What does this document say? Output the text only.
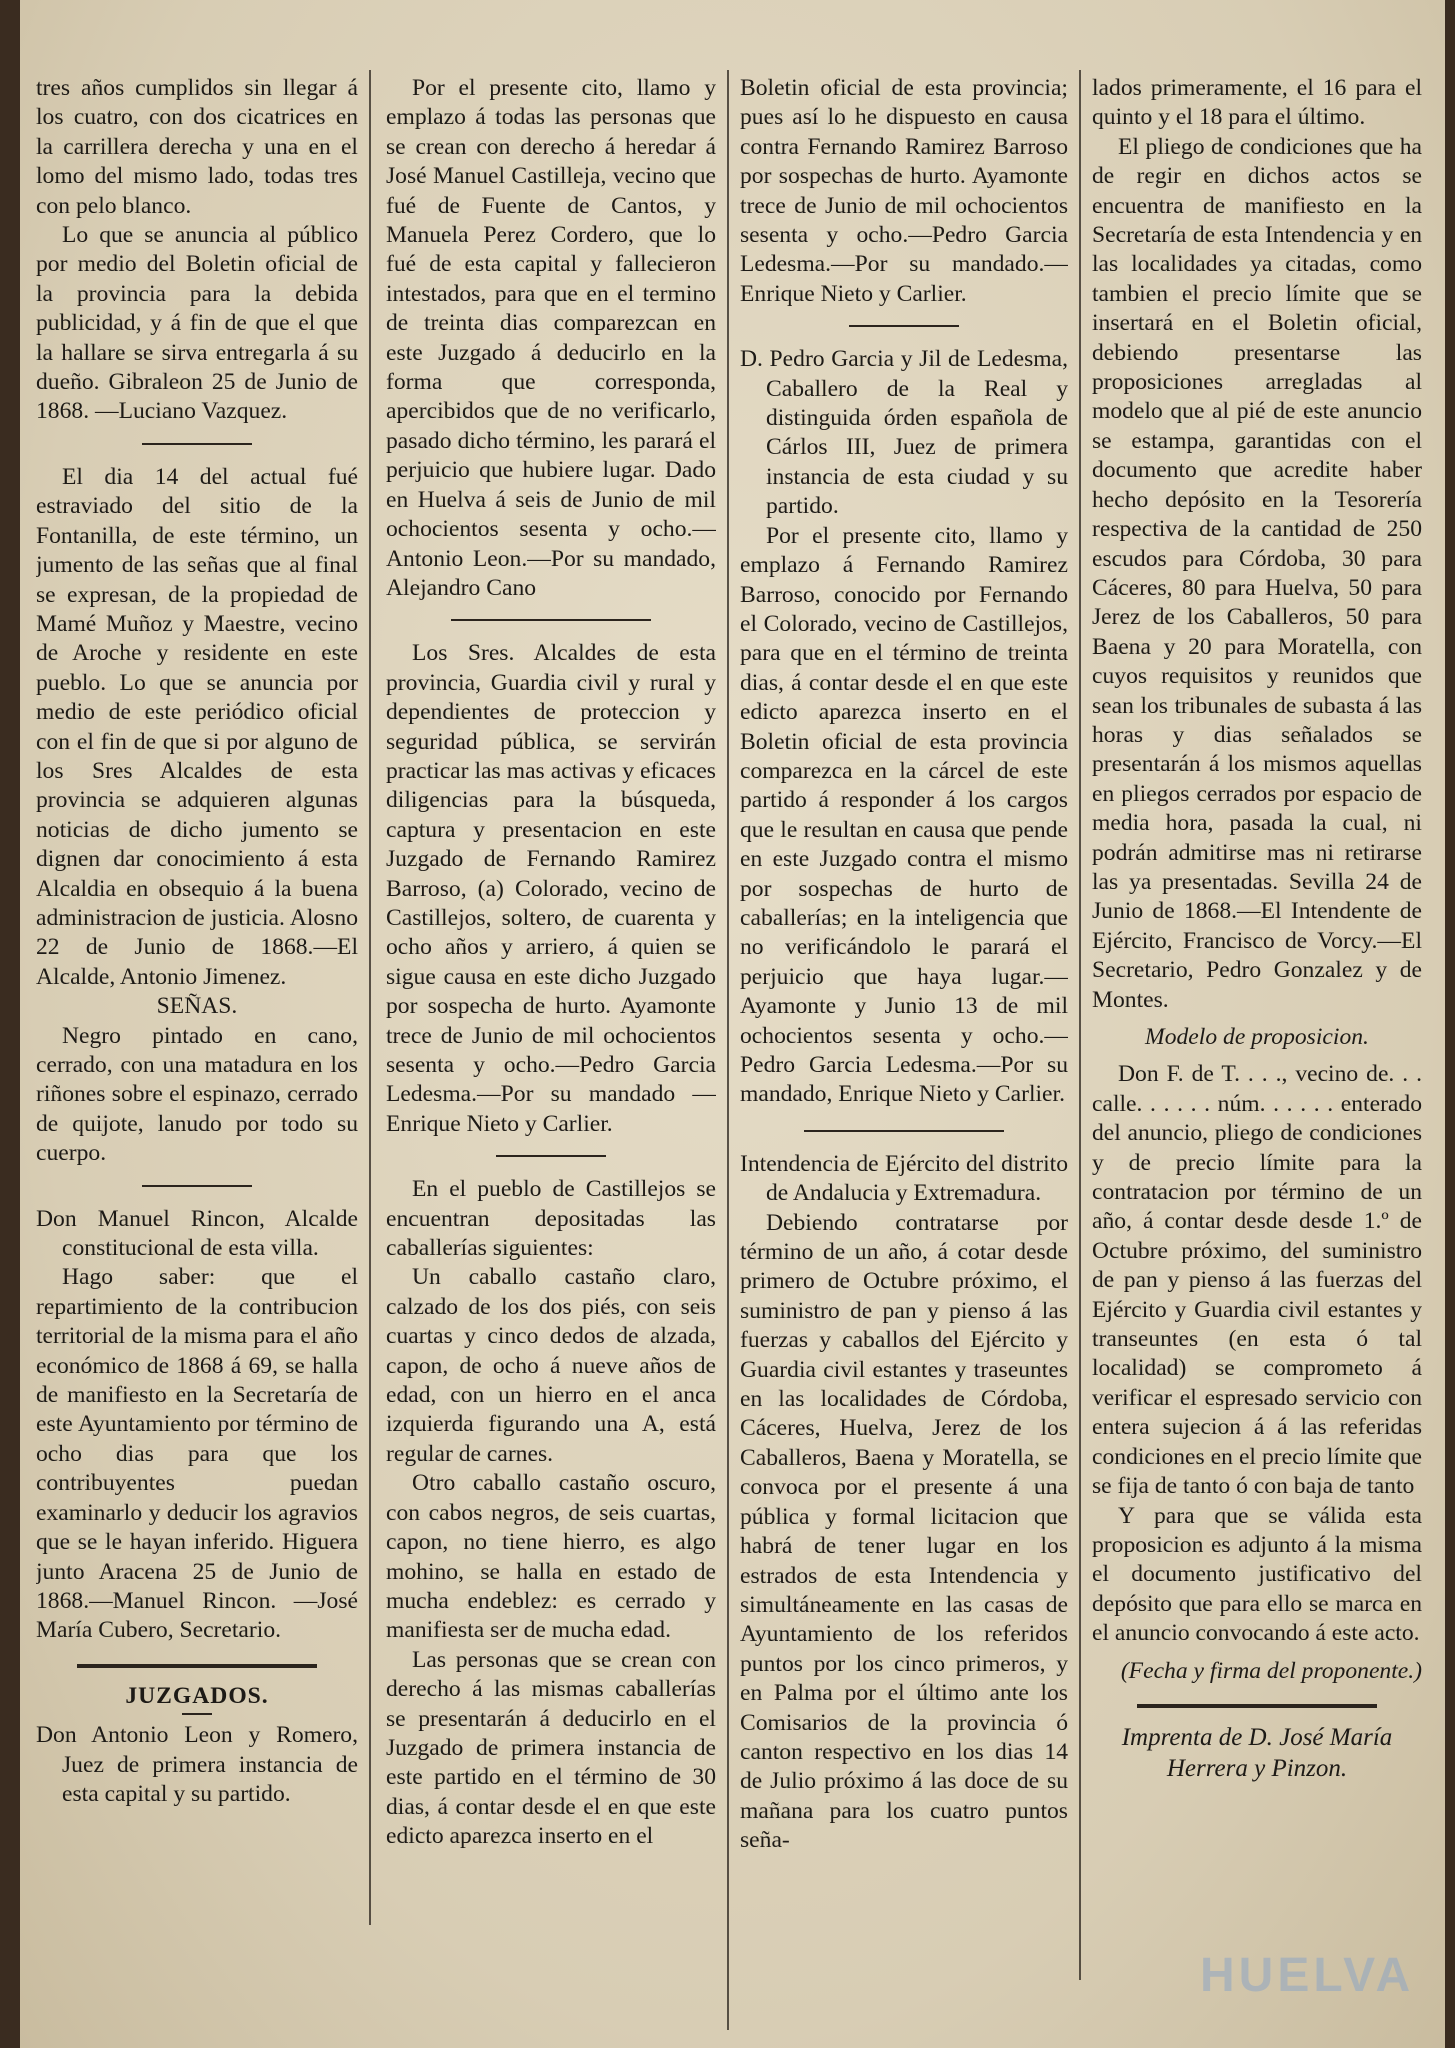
tres años cumplidos sin llegar á los cuatro, con dos cicatrices en la carrillera derecha y una en el lomo del mismo lado, todas tres con pelo blanco.

Lo que se anuncia al público por medio del Boletin oficial de la provincia para la debida publicidad, y á fin de que el que la hallare se sirva entregarla á su dueño. Gibraleon 25 de Junio de 1868. —Luciano Vazquez.

El dia 14 del actual fué estraviado del sitio de la Fontanilla, de este término, un jumento de las señas que al final se expresan, de la propiedad de Mamé Muñoz y Maestre, vecino de Aroche y residente en este pueblo. Lo que se anuncia por medio de este periódico oficial con el fin de que si por alguno de los Sres Alcaldes de esta provincia se adquieren algunas noticias de dicho jumento se dignen dar conocimiento á esta Alcaldia en obsequio á la buena administracion de justicia. Alosno 22 de Junio de 1868.—El Alcalde, Antonio Jimenez.

SEÑAS.

Negro pintado en cano, cerrado, con una matadura en los riñones sobre el espinazo, cerrado de quijote, lanudo por todo su cuerpo.

Don Manuel Rincon, Alcalde constitucional de esta villa.

Hago saber: que el repartimiento de la contribucion territorial de la misma para el año económico de 1868 á 69, se halla de manifiesto en la Secretaría de este Ayuntamiento por término de ocho dias para que los contribuyentes puedan examinarlo y deducir los agravios que se le hayan inferido. Higuera junto Aracena 25 de Junio de 1868.—Manuel Rincon. —José María Cubero, Secretario.

JUZGADOS.

Don Antonio Leon y Romero, Juez de primera instancia de esta capital y su partido.

Por el presente cito, llamo y emplazo á todas las personas que se crean con derecho á heredar á José Manuel Castilleja, vecino que fué de Fuente de Cantos, y Manuela Perez Cordero, que lo fué de esta capital y fallecieron intestados, para que en el termino de treinta dias comparezcan en este Juzgado á deducirlo en la forma que corresponda, apercibidos que de no verificarlo, pasado dicho término, les parará el perjuicio que hubiere lugar. Dado en Huelva á seis de Junio de mil ochocientos sesenta y ocho.—Antonio Leon.—Por su mandado, Alejandro Cano

Los Sres. Alcaldes de esta provincia, Guardia civil y rural y dependientes de proteccion y seguridad pública, se servirán practicar las mas activas y eficaces diligencias para la búsqueda, captura y presentacion en este Juzgado de Fernando Ramirez Barroso, (a) Colorado, vecino de Castillejos, soltero, de cuarenta y ocho años y arriero, á quien se sigue causa en este dicho Juzgado por sospecha de hurto. Ayamonte trece de Junio de mil ochocientos sesenta y ocho.—Pedro Garcia Ledesma.—Por su mandado —Enrique Nieto y Carlier.

En el pueblo de Castillejos se encuentran depositadas las caballerías siguientes:

Un caballo castaño claro, calzado de los dos piés, con seis cuartas y cinco dedos de alzada, capon, de ocho á nueve años de edad, con un hierro en el anca izquierda figurando una A, está regular de carnes.

Otro caballo castaño oscuro, con cabos negros, de seis cuartas, capon, no tiene hierro, es algo mohino, se halla en estado de mucha endeblez: es cerrado y manifiesta ser de mucha edad.

Las personas que se crean con derecho á las mismas caballerías se presentarán á deducirlo en el Juzgado de primera instancia de este partido en el término de 30 dias, á contar desde el en que este edicto aparezca inserto en el

Boletin oficial de esta provincia; pues así lo he dispuesto en causa contra Fernando Ramirez Barroso por sospechas de hurto. Ayamonte trece de Junio de mil ochocientos sesenta y ocho.—Pedro Garcia Ledesma.—Por su mandado.—Enrique Nieto y Carlier.

D. Pedro Garcia y Jil de Ledesma, Caballero de la Real y distinguida órden española de Cárlos III, Juez de primera instancia de esta ciudad y su partido.

Por el presente cito, llamo y emplazo á Fernando Ramirez Barroso, conocido por Fernando el Colorado, vecino de Castillejos, para que en el término de treinta dias, á contar desde el en que este edicto aparezca inserto en el Boletin oficial de esta provincia comparezca en la cárcel de este partido á responder á los cargos que le resultan en causa que pende en este Juzgado contra el mismo por sospechas de hurto de caballerías; en la inteligencia que no verificándolo le parará el perjuicio que haya lugar.—Ayamonte y Junio 13 de mil ochocientos sesenta y ocho.—Pedro Garcia Ledesma.—Por su mandado, Enrique Nieto y Carlier.

Intendencia de Ejército del distrito de Andalucia y Extremadura.

Debiendo contratarse por término de un año, á cotar desde primero de Octubre próximo, el suministro de pan y pienso á las fuerzas y caballos del Ejército y Guardia civil estantes y traseuntes en las localidades de Córdoba, Cáceres, Huelva, Jerez de los Caballeros, Baena y Moratella, se convoca por el presente á una pública y formal licitacion que habrá de tener lugar en los estrados de esta Intendencia y simultáneamente en las casas de Ayuntamiento de los referidos puntos por los cinco primeros, y en Palma por el último ante los Comisarios de la provincia ó canton respectivo en los dias 14 de Julio próximo á las doce de su mañana para los cuatro puntos seña-

lados primeramente, el 16 para el quinto y el 18 para el último.

El pliego de condiciones que ha de regir en dichos actos se encuentra de manifiesto en la Secretaría de esta Intendencia y en las localidades ya citadas, como tambien el precio límite que se insertará en el Boletin oficial, debiendo presentarse las proposiciones arregladas al modelo que al pié de este anuncio se estampa, garantidas con el documento que acredite haber hecho depósito en la Tesorería respectiva de la cantidad de 250 escudos para Córdoba, 30 para Cáceres, 80 para Huelva, 50 para Jerez de los Caballeros, 50 para Baena y 20 para Moratella, con cuyos requisitos y reunidos que sean los tribunales de subasta á las horas y dias señalados se presentarán á los mismos aquellas en pliegos cerrados por espacio de media hora, pasada la cual, ni podrán admitirse mas ni retirarse las ya presentadas. Sevilla 24 de Junio de 1868.—El Intendente de Ejército, Francisco de Vorcy.—El Secretario, Pedro Gonzalez y de Montes.

Modelo de proposicion.

Don F. de T. . . ., vecino de. . . calle. . . . . . núm. . . . . . enterado del anuncio, pliego de condiciones y de precio límite para la contratacion por término de un año, á contar desde desde 1.º de Octubre próximo, del suministro de pan y pienso á las fuerzas del Ejército y Guardia civil estantes y transeuntes (en esta ó tal localidad) se comprometo á verificar el espresado servicio con entera sujecion á á las referidas condiciones en el precio límite que se fija de tanto ó con baja de tanto

Y para que se válida esta proposicion es adjunto á la misma el documento justificativo del depósito que para ello se marca en el anuncio convocando á este acto.

(Fecha y firma del proponente.)

Imprenta de D. José María Herrera y Pinzon.

HUELVA
